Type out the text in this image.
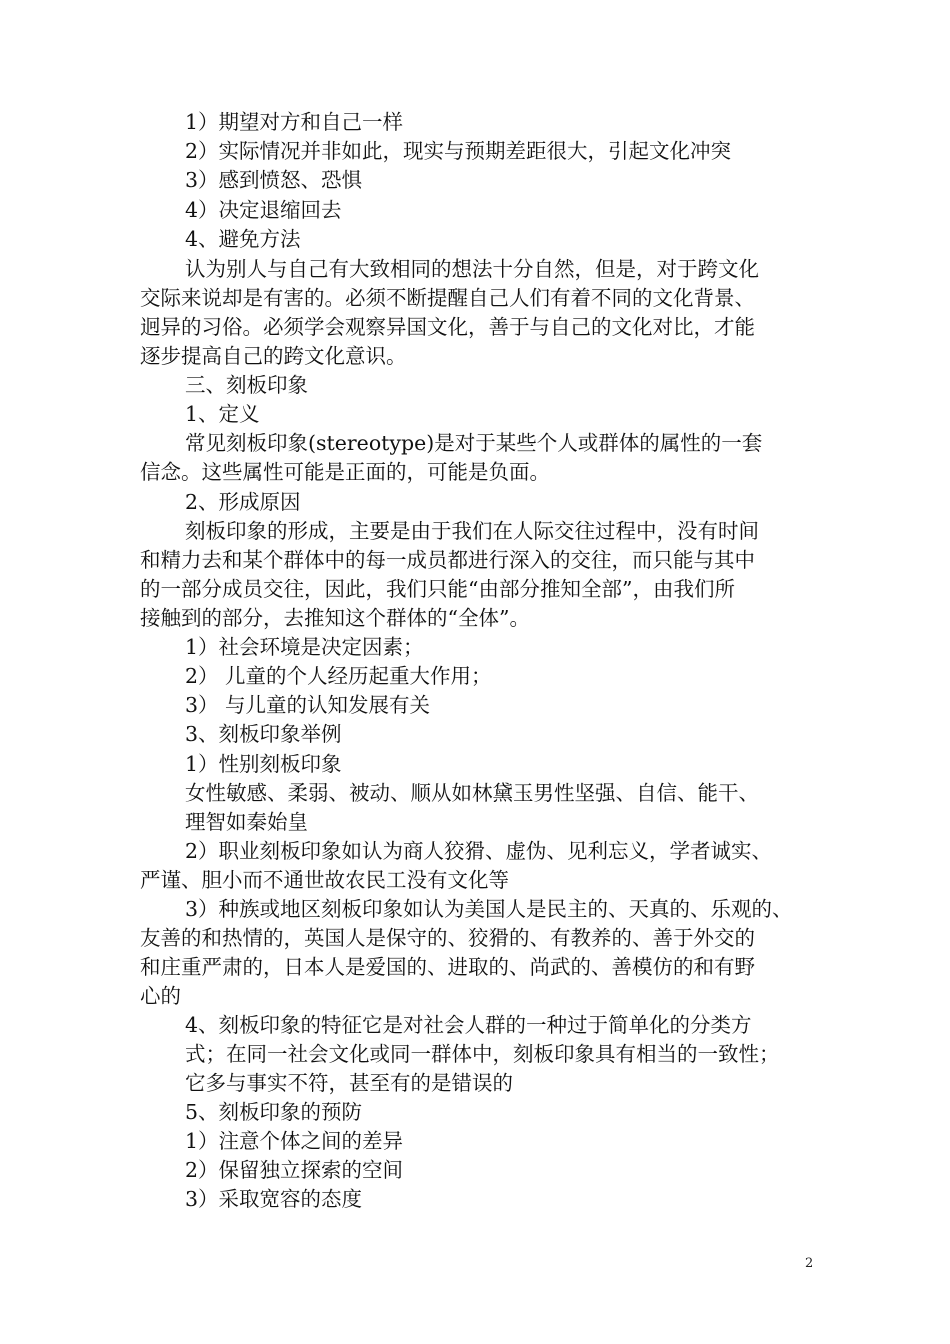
1）期望对方和自己一样
2）实际情况并非如此，现实与预期差距很大，引起文化冲突
3）感到愤怒、恐惧
4）决定退缩回去
4、避免方法
认为别人与自己有大致相同的想法十分自然，但是，对于跨文化
交际来说却是有害的。必须不断提醒自己人们有着不同的文化背景、
迥异的习俗。必须学会观察异国文化，善于与自己的文化对比，才能
逐步提高自己的跨文化意识。
三、刻板印象
1、定义
常见刻板印象(stereotype)是对于某些个人或群体的属性的一套
信念。这些属性可能是正面的，可能是负面。
2、形成原因
刻板印象的形成，主要是由于我们在人际交往过程中，没有时间
和精力去和某个群体中的每一成员都进行深入的交往，而只能与其中
的一部分成员交往，因此，我们只能“由部分推知全部”，由我们所
接触到的部分，去推知这个群体的“全体”。
1）社会环境是决定因素；
2） 儿童的个人经历起重大作用；
3） 与儿童的认知发展有关
3、刻板印象举例
1）性别刻板印象
女性敏感、柔弱、被动、顺从如林黛玉男性坚强、自信、能干、
理智如秦始皇
2）职业刻板印象如认为商人狡猾、虚伪、见利忘义，学者诚实、
严谨、胆小而不通世故农民工没有文化等
3）种族或地区刻板印象如认为美国人是民主的、天真的、乐观的、
友善的和热情的，英国人是保守的、狡猾的、有教养的、善于外交的
和庄重严肃的，日本人是爱国的、进取的、尚武的、善模仿的和有野
心的
4、刻板印象的特征它是对社会人群的一种过于简单化的分类方
式；在同一社会文化或同一群体中，刻板印象具有相当的一致性；
它多与事实不符，甚至有的是错误的
5、刻板印象的预防
1）注意个体之间的差异
2）保留独立探索的空间
3）采取宽容的态度
2
